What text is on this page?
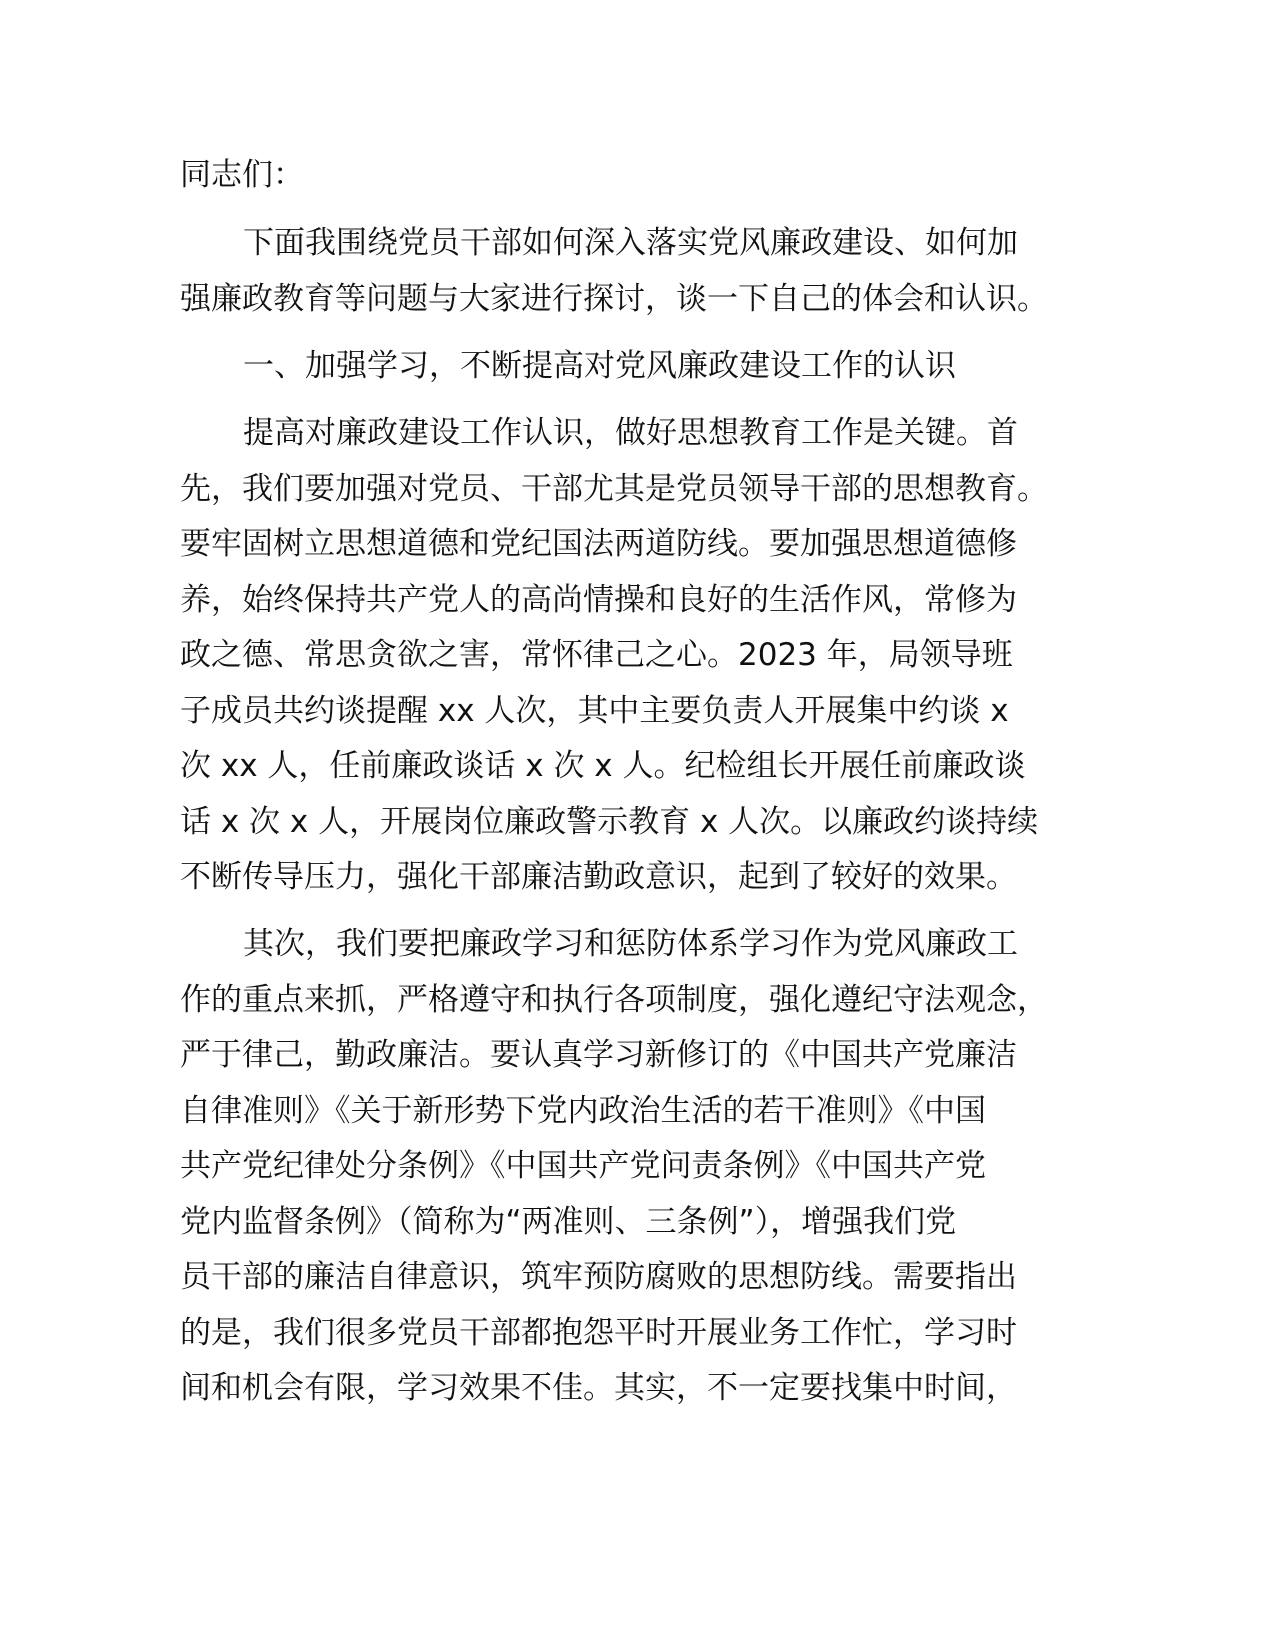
同志们：
下面我围绕党员干部如何深入落实党风廉政建设、如何加
强廉政教育等问题与大家进行探讨，谈一下自己的体会和认识。
一、加强学习，不断提高对党风廉政建设工作的认识
提高对廉政建设工作认识，做好思想教育工作是关键。首
先，我们要加强对党员、干部尤其是党员领导干部的思想教育。
要牢固树立思想道德和党纪国法两道防线。要加强思想道德修
养，始终保持共产党人的高尚情操和良好的生活作风，常修为
政之德、常思贪欲之害，常怀律己之心。2023 年，局领导班
子成员共约谈提醒 xx 人次，其中主要负责人开展集中约谈 x
次 xx 人，任前廉政谈话 x 次 x 人。纪检组长开展任前廉政谈
话 x 次 x 人，开展岗位廉政警示教育 x 人次。以廉政约谈持续
不断传导压力，强化干部廉洁勤政意识，起到了较好的效果。
其次，我们要把廉政学习和惩防体系学习作为党风廉政工
作的重点来抓，严格遵守和执行各项制度，强化遵纪守法观念，
严于律己，勤政廉洁。要认真学习新修订的《中国共产党廉洁
自律准则》《关于新形势下党内政治生活的若干准则》《中国
共产党纪律处分条例》《中国共产党问责条例》《中国共产党
党内监督条例》（简称为“两准则、三条例”），增强我们党
员干部的廉洁自律意识，筑牢预防腐败的思想防线。需要指出
的是，我们很多党员干部都抱怨平时开展业务工作忙，学习时
间和机会有限，学习效果不佳。其实，不一定要找集中时间，
